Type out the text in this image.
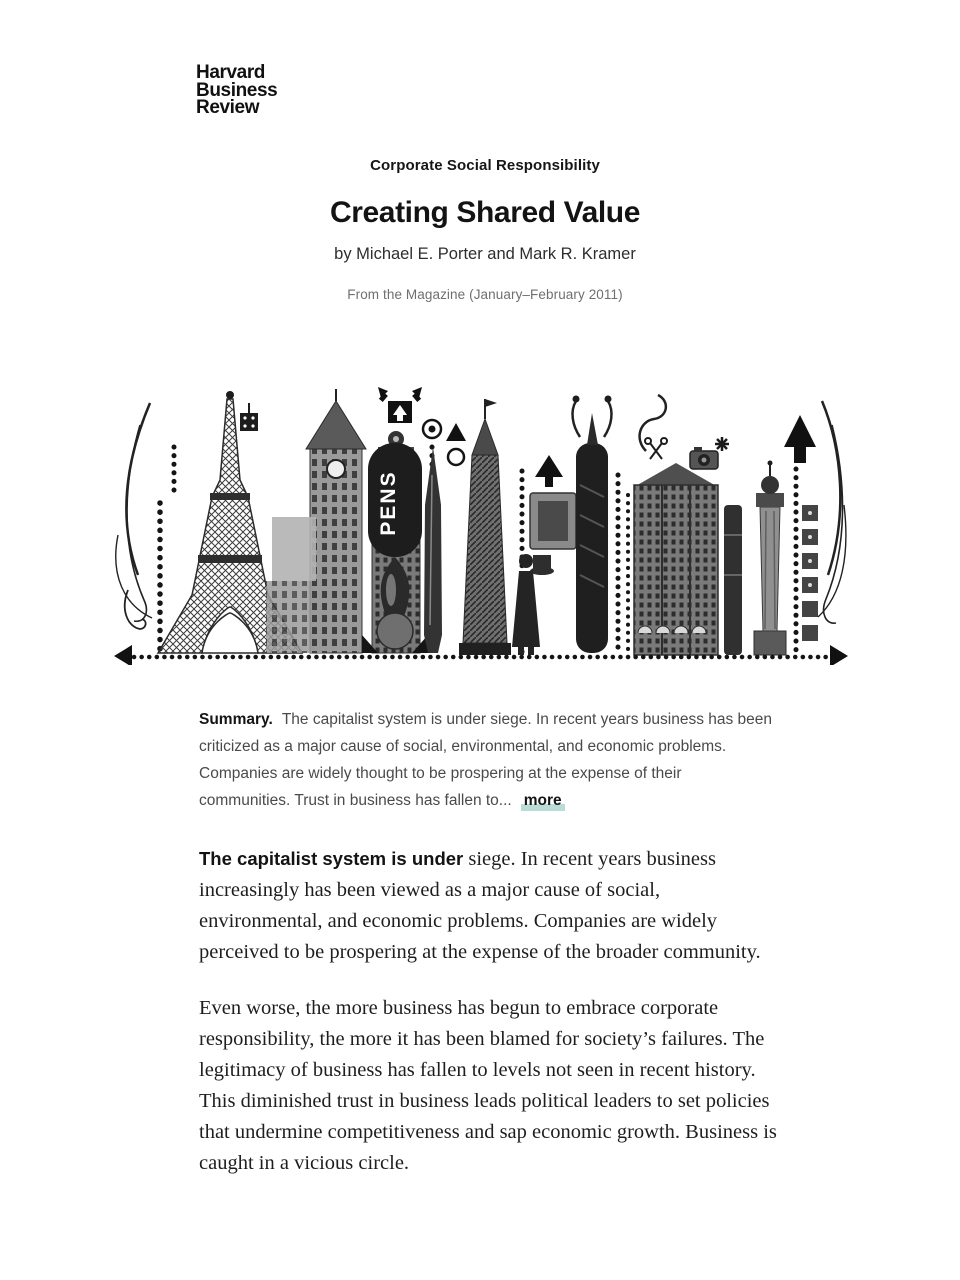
Harvard
Business
Review
Corporate Social Responsibility
Creating Shared Value
by Michael E. Porter and Mark R. Kramer
From the Magazine (January–February 2011)
PENS

Summary. The capitalist system is under siege. In recent years business has been criticized as a major cause of social, environmental, and economic problems. Companies are widely thought to be prospering at the expense of their communities. Trust in business has fallen to... more

The capitalist system is under siege. In recent years business increasingly has been viewed as a major cause of social, environmental, and economic problems. Companies are widely perceived to be prospering at the expense of the broader community.

Even worse, the more business has begun to embrace corporate responsibility, the more it has been blamed for society’s failures. The legitimacy of business has fallen to levels not seen in recent history. This diminished trust in business leads political leaders to set policies that undermine competitiveness and sap economic growth. Business is caught in a vicious circle.
